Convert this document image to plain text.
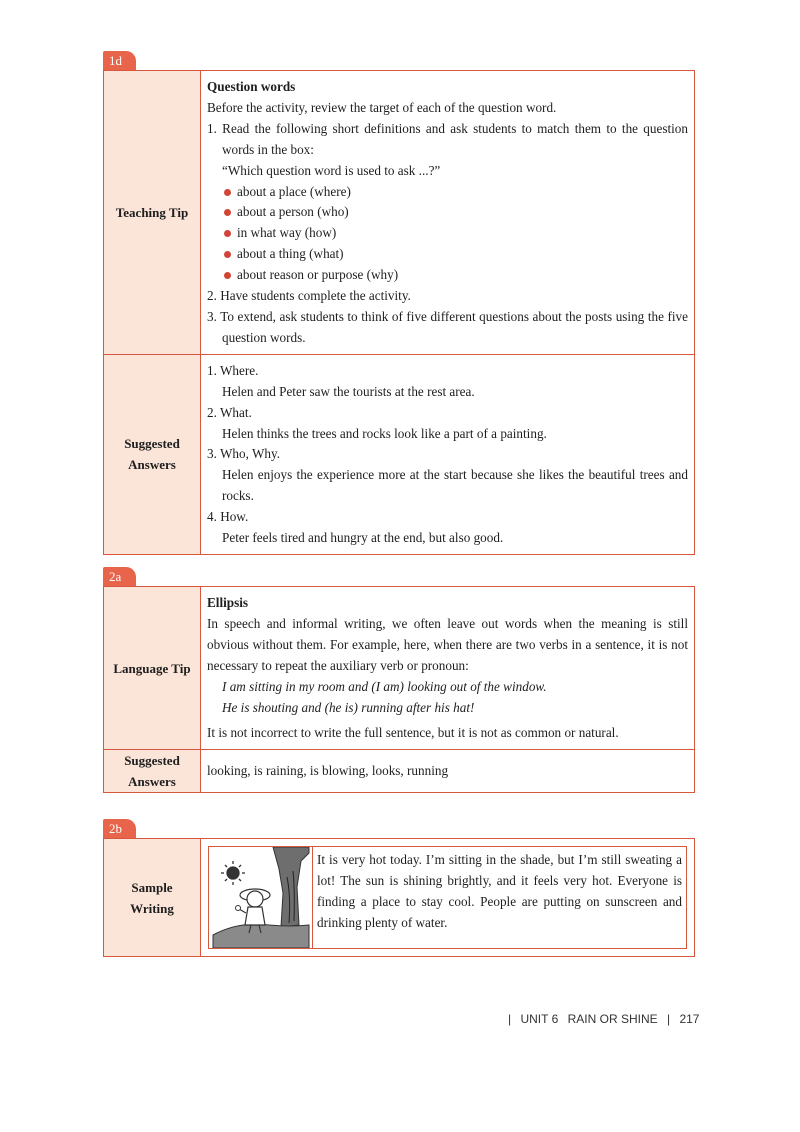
1d
Teaching Tip
Question words
Before the activity, review the target of each of the question word.
1. Read the following short definitions and ask students to match them to the question words in the box:
“Which question word is used to ask ...?”
about a place (where)
about a person (who)
in what way (how)
about a thing (what)
about reason or purpose (why)
2. Have students complete the activity.
3. To extend, ask students to think of five different questions about the posts using the five question words.
Suggested
Answers
1. Where.
Helen and Peter saw the tourists at the rest area.
2. What.
Helen thinks the trees and rocks look like a part of a painting.
3. Who, Why.
Helen enjoys the experience more at the start because she likes the beautiful trees and rocks.
4. How.
Peter feels tired and hungry at the end, but also good.
2a
Language Tip
Ellipsis
In speech and informal writing, we often leave out words when the meaning is still obvious without them. For example, here, when there are two verbs in a sentence, it is not necessary to repeat the auxiliary verb or pronoun:
I am sitting in my room and (I am) looking out of the window.
He is shouting and (he is) running after his hat!
It is not incorrect to write the full sentence, but it is not as common or natural.
Suggested
Answers
looking, is raining, is blowing, looks, running
2b
Sample
Writing
It is very hot today. I’m sitting in the shade, but I’m still sweating a lot! The sun is shining brightly, and it feels very hot. Everyone is finding a place to stay cool. People are putting on sunscreen and drinking plenty of water.
| UNIT 6 RAIN OR SHINE | 217
